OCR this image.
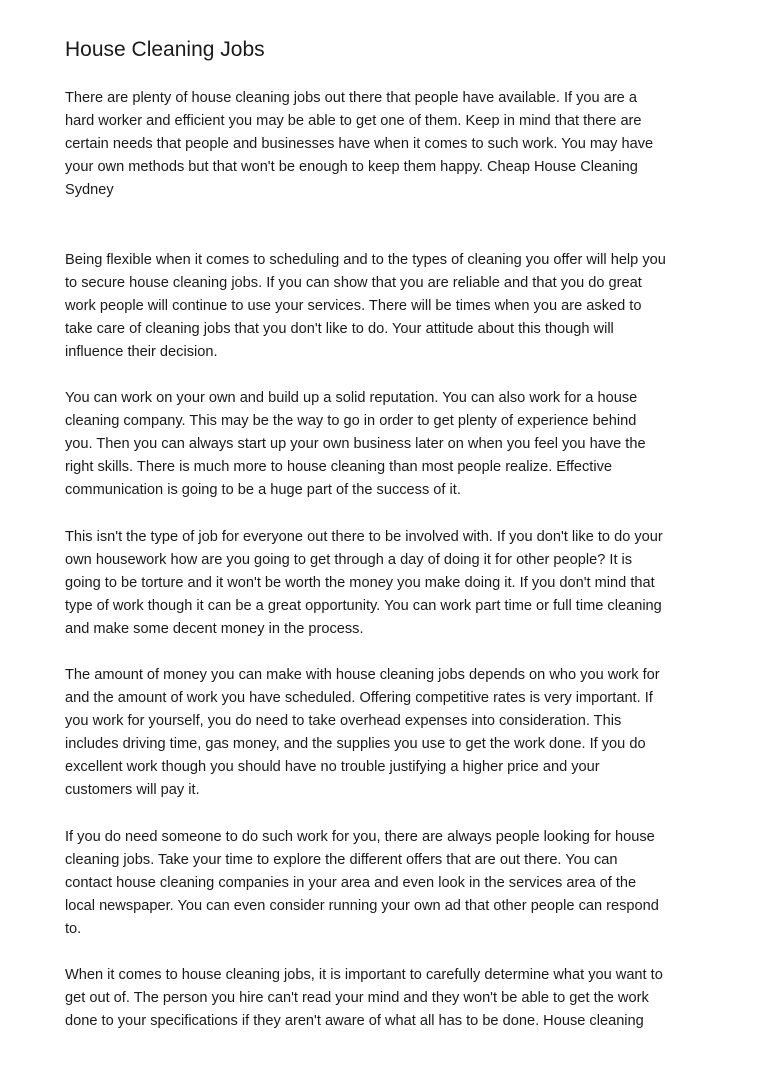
House Cleaning Jobs

There are plenty of house cleaning jobs out there that people have available. If you are a
hard worker and efficient you may be able to get one of them. Keep in mind that there are
certain needs that people and businesses have when it comes to such work. You may have
your own methods but that won't be enough to keep them happy. Cheap House Cleaning
Sydney

Being flexible when it comes to scheduling and to the types of cleaning you offer will help you
to secure house cleaning jobs. If you can show that you are reliable and that you do great
work people will continue to use your services. There will be times when you are asked to
take care of cleaning jobs that you don't like to do. Your attitude about this though will
influence their decision.

You can work on your own and build up a solid reputation. You can also work for a house
cleaning company. This may be the way to go in order to get plenty of experience behind
you. Then you can always start up your own business later on when you feel you have the
right skills. There is much more to house cleaning than most people realize. Effective
communication is going to be a huge part of the success of it.

This isn't the type of job for everyone out there to be involved with. If you don't like to do your
own housework how are you going to get through a day of doing it for other people? It is
going to be torture and it won't be worth the money you make doing it. If you don't mind that
type of work though it can be a great opportunity. You can work part time or full time cleaning
and make some decent money in the process.

The amount of money you can make with house cleaning jobs depends on who you work for
and the amount of work you have scheduled. Offering competitive rates is very important. If
you work for yourself, you do need to take overhead expenses into consideration. This
includes driving time, gas money, and the supplies you use to get the work done. If you do
excellent work though you should have no trouble justifying a higher price and your
customers will pay it.

If you do need someone to do such work for you, there are always people looking for house
cleaning jobs. Take your time to explore the different offers that are out there. You can
contact house cleaning companies in your area and even look in the services area of the
local newspaper. You can even consider running your own ad that other people can respond
to.

When it comes to house cleaning jobs, it is important to carefully determine what you want to
get out of. The person you hire can't read your mind and they won't be able to get the work
done to your specifications if they aren't aware of what all has to be done. House cleaning
